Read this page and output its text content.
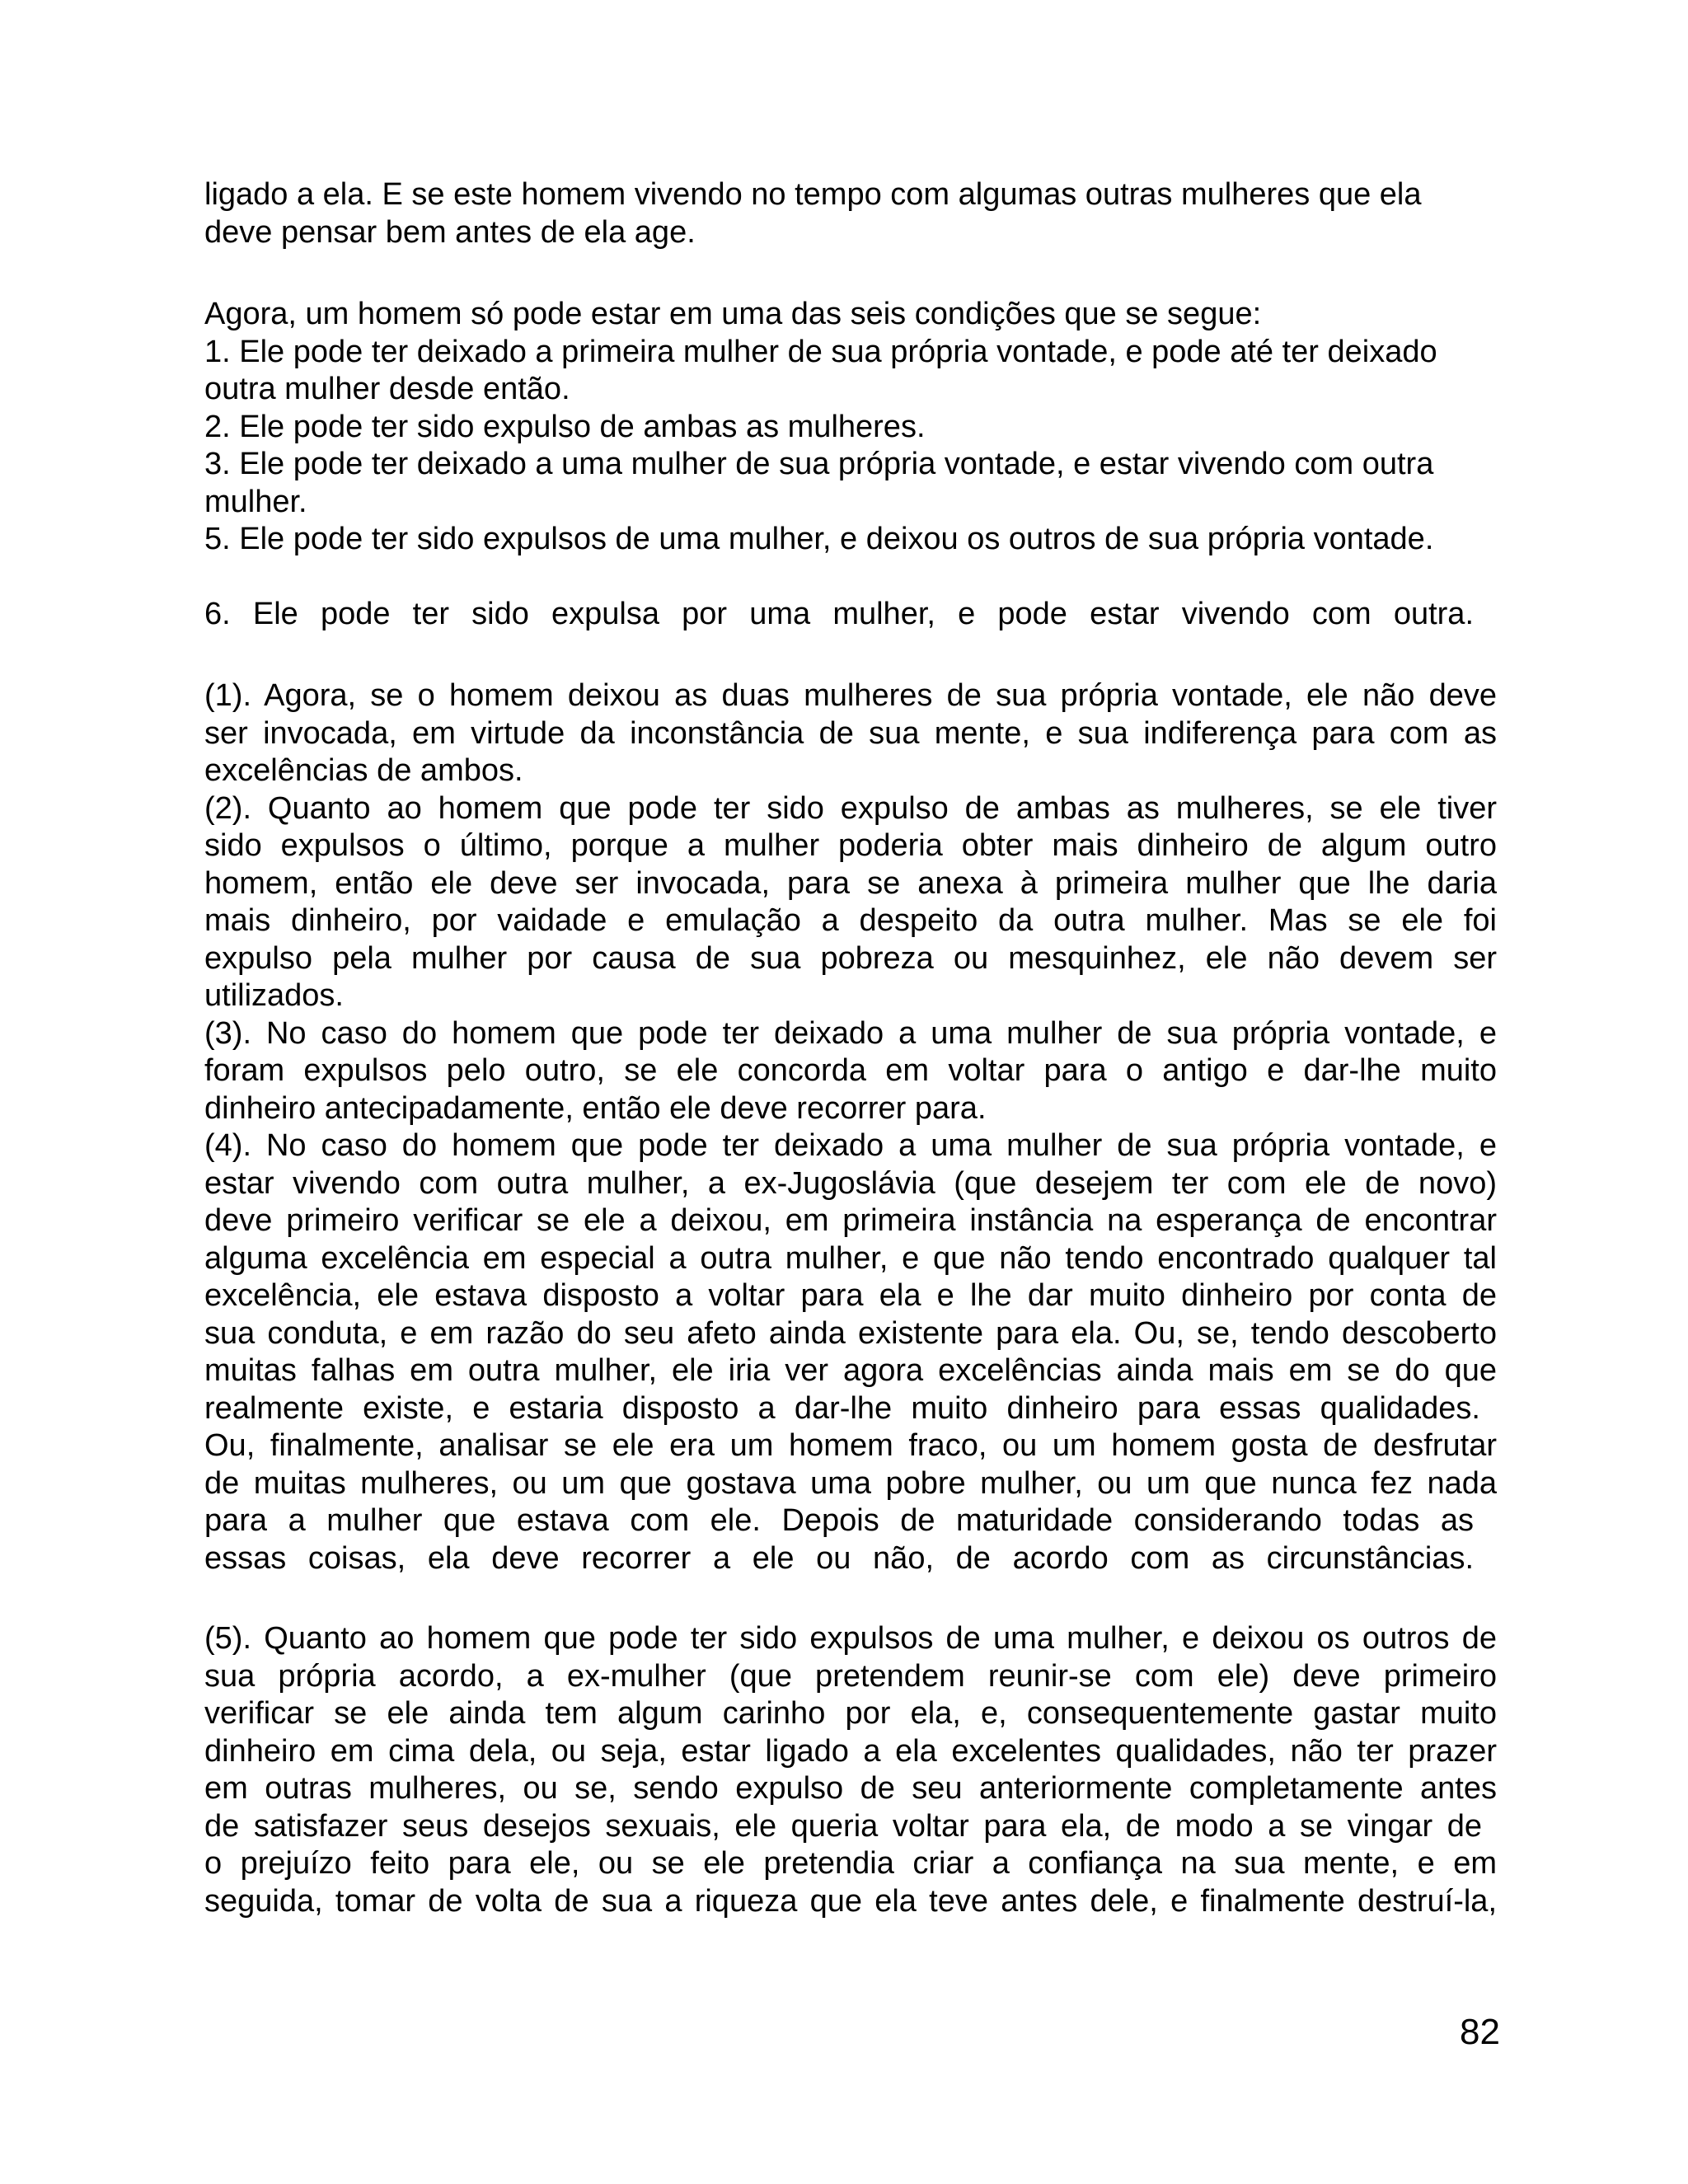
ligado a ela. E se este homem vivendo no tempo com algumas outras mulheres que ela
deve pensar bem antes de ela age.
Agora, um homem só pode estar em uma das seis condições que se segue:
1. Ele pode ter deixado a primeira mulher de sua própria vontade, e pode até ter deixado
outra mulher desde então.
2. Ele pode ter sido expulso de ambas as mulheres.
3. Ele pode ter deixado a uma mulher de sua própria vontade, e estar vivendo com outra
mulher.
5. Ele pode ter sido expulsos de uma mulher, e deixou os outros de sua própria vontade.
6. Ele pode ter sido expulsa por uma mulher, e pode estar vivendo com outra.
(1). Agora, se o homem deixou as duas mulheres de sua própria vontade, ele não deve
ser invocada, em virtude da inconstância de sua mente, e sua indiferença para com as
excelências de ambos.
(2). Quanto ao homem que pode ter sido expulso de ambas as mulheres, se ele tiver
sido expulsos o último, porque a mulher poderia obter mais dinheiro de algum outro
homem, então ele deve ser invocada, para se anexa à primeira mulher que lhe daria
mais dinheiro, por vaidade e emulação a despeito da outra mulher. Mas se ele foi
expulso pela mulher por causa de sua pobreza ou mesquinhez, ele não devem ser
utilizados.
(3). No caso do homem que pode ter deixado a uma mulher de sua própria vontade, e
foram expulsos pelo outro, se ele concorda em voltar para o antigo e dar-lhe muito
dinheiro antecipadamente, então ele deve recorrer para.
(4). No caso do homem que pode ter deixado a uma mulher de sua própria vontade, e
estar vivendo com outra mulher, a ex-Jugoslávia (que desejem ter com ele de novo)
deve primeiro verificar se ele a deixou, em primeira instância na esperança de encontrar
alguma excelência em especial a outra mulher, e que não tendo encontrado qualquer tal
excelência, ele estava disposto a voltar para ela e lhe dar muito dinheiro por conta de
sua conduta, e em razão do seu afeto ainda existente para ela. Ou, se, tendo descoberto
muitas falhas em outra mulher, ele iria ver agora excelências ainda mais em se do que
realmente existe, e estaria disposto a dar-lhe muito dinheiro para essas qualidades.
Ou, finalmente, analisar se ele era um homem fraco, ou um homem gosta de desfrutar
de muitas mulheres, ou um que gostava uma pobre mulher, ou um que nunca fez nada
para a mulher que estava com ele. Depois de maturidade considerando todas as
essas coisas, ela deve recorrer a ele ou não, de acordo com as circunstâncias.
(5). Quanto ao homem que pode ter sido expulsos de uma mulher, e deixou os outros de
sua própria acordo, a ex-mulher (que pretendem reunir-se com ele) deve primeiro
verificar se ele ainda tem algum carinho por ela, e, consequentemente gastar muito
dinheiro em cima dela, ou seja, estar ligado a ela excelentes qualidades, não ter prazer
em outras mulheres, ou se, sendo expulso de seu anteriormente completamente antes
de satisfazer seus desejos sexuais, ele queria voltar para ela, de modo a se vingar de
o prejuízo feito para ele, ou se ele pretendia criar a confiança na sua mente, e em
seguida, tomar de volta de sua a riqueza que ela teve antes dele, e finalmente destruí-la,
82
